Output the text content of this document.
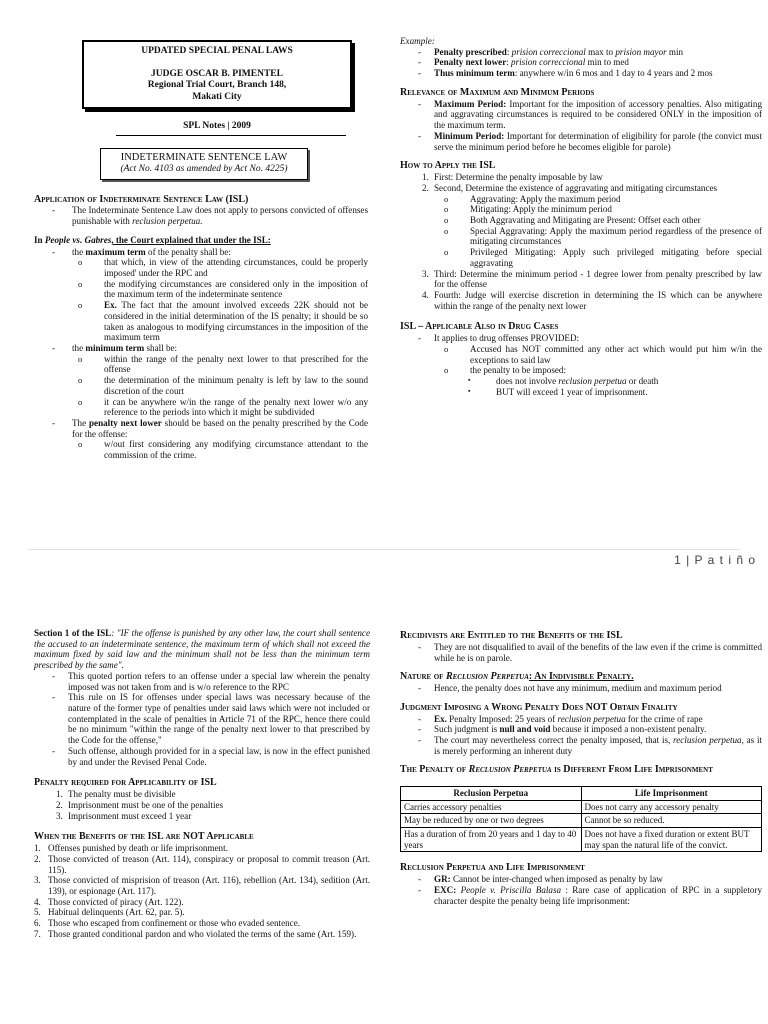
UPDATED SPECIAL PENAL LAWS
JUDGE OSCAR B. PIMENTEL
Regional Trial Court, Branch 148,
Makati City
SPL Notes | 2009
INDETERMINATE SENTENCE LAW
(Act No. 4103 as amended by Act No. 4225)
Application of Indeterminate Sentence Law (ISL)
- The Indeterminate Sentence Law does not apply to persons convicted of offenses punishable with reclusion perpetua.
In People vs. Gabres, the Court explained that under the ISL:
- the maximum term of the penalty shall be:
o that which, in view of the attending circumstances, could be properly imposed' under the RPC and
o the modifying circumstances are considered only in the imposition of the maximum term of the indeterminate sentence
o Ex. The fact that the amount involved exceeds 22K should not be considered in the initial determination of the IS penalty; it should be so taken as analogous to modifying circumstances in the imposition of the maximum term
- the minimum term shall be:
o within the range of the penalty next lower to that prescribed for the offense
o the determination of the minimum penalty is left by law to the sound discretion of the court
o it can be anywhere w/in the range of the penalty next lower w/o any reference to the periods into which it might be subdivided
- The penalty next lower should be based on the penalty prescribed by the Code for the offense:
o w/out first considering any modifying circumstance attendant to the commission of the crime.
Example:
- Penalty prescribed: prision correccional max to prision mayor min
- Penalty next lower: prision correccional min to med
- Thus minimum term: anywhere w/in 6 mos and 1 day to 4 years and 2 mos
Relevance of Maximum and Minimum Periods
- Maximum Period: Important for the imposition of accessory penalties. Also mitigating and aggravating circumstances is required to be considered ONLY in the imposition of the maximum term.
- Minimum Period: Important for determination of eligibility for parole (the convict must serve the minimum period before he becomes eligible for parole)
How to Apply the ISL
1. First: Determine the penalty imposable by law
2. Second, Determine the existence of aggravating and mitigating circumstances
o Aggravating: Apply the maximum period
o Mitigating: Apply the minimum period
o Both Aggravating and Mitigating are Present: Offset each other
o Special Aggravating: Apply the maximum period regardless of the presence of mitigating circumstances
o Privileged Mitigating: Apply such privileged mitigating before special aggravating
3. Third: Determine the minimum period - 1 degree lower from penalty prescribed by law for the offense
4. Fourth: Judge will exercise discretion in determining the IS which can be anywhere within the range of the penalty next lower
ISL – Applicable Also in Drug Cases
- It applies to drug offenses PROVIDED:
o Accused has NOT committed any other act which would put him w/in the exceptions to said law
o the penalty to be imposed:
▪ does not involve reclusion perpetua or death
▪ BUT will exceed 1 year of imprisonment.
1 | P a t i ñ o
Section 1 of the ISL: "IF the offense is punished by any other law, the court shall sentence the accused to an indeterminate sentence, the maximum term of which shall not exceed the maximum fixed by said law and the minimum shall not be less than the minimum term prescribed by the same".
- This quoted portion refers to an offense under a special law wherein the penalty imposed was not taken from and is w/o reference to the RPC
- This rule on IS for offenses under special laws was necessary because of the nature of the former type of penalties under said laws which were not included or contemplated in the scale of penalties in Article 71 of the RPC, hence there could be no minimum "within the range of the penalty next lower to that prescribed by the Code for the offense,"
- Such offense, although provided for in a special law, is now in the effect punished by and under the Revised Penal Code.
Penalty required for Applicability of ISL
1. The penalty must be divisible
2. Imprisonment must be one of the penalties
3. Imprisonment must exceed 1 year
When the Benefits of the ISL are NOT Applicable
1. Offenses punished by death or life imprisonment.
2. Those convicted of treason (Art. 114), conspiracy or proposal to commit treason (Art. 115).
3. Those convicted of misprision of treason (Art. 116), rebellion (Art. 134), sedition (Art. 139), or espionage (Art. 117).
4. Those convicted of piracy (Art. 122).
5. Habitual delinquents (Art. 62, par. 5).
6. Those who escaped from confinement or those who evaded sentence.
7. Those granted conditional pardon and who violated the terms of the same (Art. 159).
Recidivists are Entitled to the Benefits of the ISL
- They are not disqualified to avail of the benefits of the law even if the crime is committed while he is on parole.
Nature of Reclusion Perpetua: An Indivisible Penalty.
- Hence, the penalty does not have any minimum, medium and maximum period
Judgment Imposing a Wrong Penalty Does NOT Obtain Finality
- Ex. Penalty Imposed: 25 years of reclusion perpetua for the crime of rape
- Such judgment is null and void because it imposed a non-existent penalty.
- The court may nevertheless correct the penalty imposed, that is, reclusion perpetua, as it is merely performing an inherent duty
The Penalty of Reclusion Perpetua is Different From Life Imprisonment
Reclusion Perpetua	Life Imprisonment
Carries accessory penalties	Does not carry any accessory penalty
May be reduced by one or two degrees	Cannot be so reduced.
Has a duration of from 20 years and 1 day to 40 years	Does not have a fixed duration or extent BUT may span the natural life of the convict.
Reclusion Perpetua and Life Imprisonment
- GR: Cannot be inter-changed when imposed as penalty by law
- EXC: People v. Priscilla Balasa : Rare case of application of RPC in a suppletory character despite the penalty being life imprisonment:
